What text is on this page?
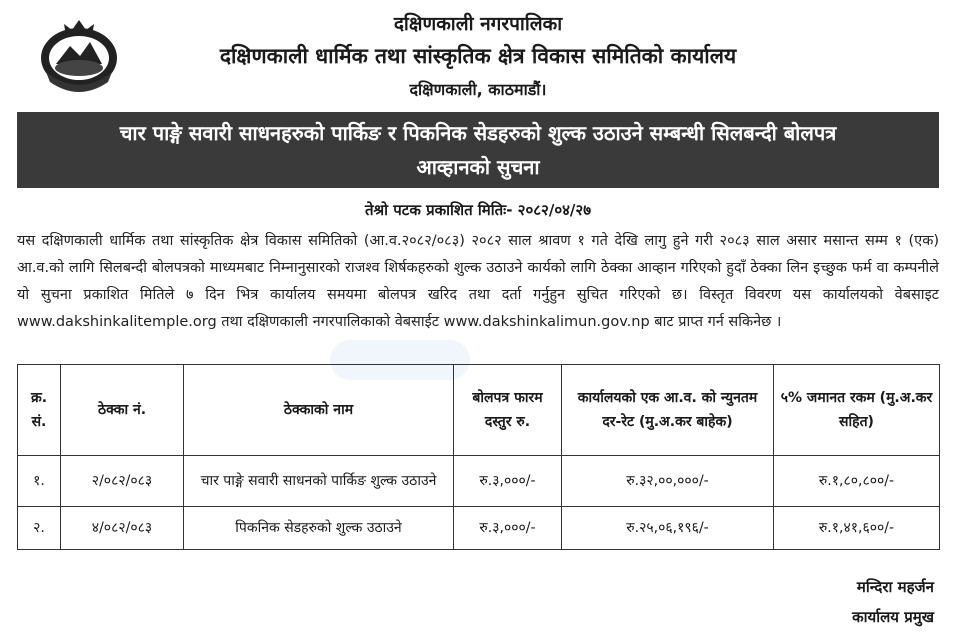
दक्षिणकाली नगरपालिका
दक्षिणकाली धार्मिक तथा सांस्कृतिक क्षेत्र विकास समितिको कार्यालय
दक्षिणकाली, काठमाडौं।
चार पाङ्गे सवारी साधनहरुको पार्किङ र पिकनिक सेडहरुको शुल्क उठाउने सम्बन्धी सिलबन्दी बोलपत्र
आव्हानको सुचना
तेश्रो पटक प्रकाशित मितिः- २०८२/०४/२७
यस दक्षिणकाली धार्मिक तथा सांस्कृतिक क्षेत्र विकास समितिको (आ.व.२०८२/०८३) २०८२ साल श्रावण १ गते देखि लागु हुने गरी २०८३ साल असार मसान्त सम्म १ (एक) आ.व.को लागि सिलबन्दी बोलपत्रको माध्यमबाट निम्नानुसारको राजश्व शिर्षकहरुको शुल्क उठाउने कार्यको लागि ठेक्का आव्हान गरिएको हुदाँ ठेक्का लिन इच्छुक फर्म वा कम्पनीले यो सुचना प्रकाशित मितिले ७ दिन भित्र कार्यालय समयमा बोलपत्र खरिद तथा दर्ता गर्नुहुन सुचित गरिएको छ। विस्तृत विवरण यस कार्यालयको वेबसाइट www.dakshinkalitemple.org तथा दक्षिणकाली नगरपालिकाको वेबसाईट www.dakshinkalimun.gov.np बाट प्राप्त गर्न सकिनेछ ।
क्र. सं.	ठेक्का नं.	ठेक्काको नाम	बोलपत्र फारम दस्तुर रु.	कार्यालयको एक आ.व. को न्युनतम दर-रेट (मु.अ.कर बाहेक)	५% जमानत रकम (मु.अ.कर सहित)
१.	२/०८२/०८३	चार पाङ्गे सवारी साधनको पार्किङ शुल्क उठाउने	रु.३,०००/-	रु.३२,००,०००/-	रु.१,८०,८००/-
२.	४/०८२/०८३	पिकनिक सेडहरुको शुल्क उठाउने	रु.३,०००/-	रु.२५,०६,१९६/-	रु.१,४१,६००/-
मन्दिरा महर्जन
कार्यालय प्रमुख
